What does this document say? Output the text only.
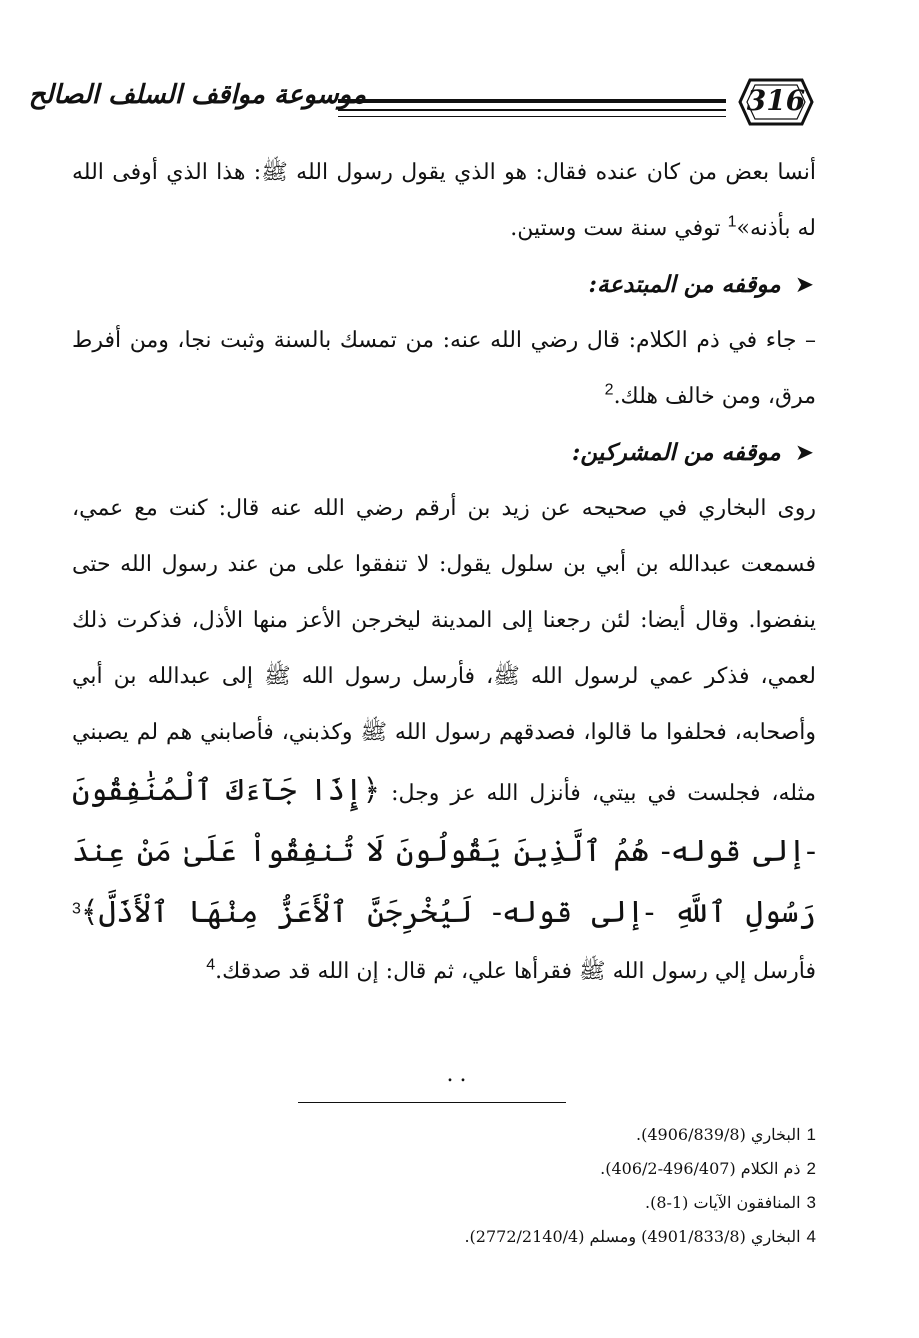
موسوعة مواقف السلف الصالح	316

أنسا بعض من كان عنده فقال: هو الذي يقول رسول الله ﷺ: هذا الذي أوفى الله له بأذنه»$^1$ توفي سنة ست وستين.

➤موقفه من المبتدعة:

– جاء في ذم الكلام: قال رضي الله عنه: من تمسك بالسنة وثبت نجا، ومن أفرط مرق، ومن خالف هلك.$^2$

➤موقفه من المشركين:

روى البخاري في صحيحه عن زيد بن أرقم رضي الله عنه قال: كنت مع عمي، فسمعت عبدالله بن أبي بن سلول يقول: لا تنفقوا على من عند رسول الله حتى ينفضوا. وقال أيضا: لئن رجعنا إلى المدينة ليخرجن الأعز منها الأذل، فذكرت ذلك لعمي، فذكر عمي لرسول الله ﷺ، فأرسل رسول الله ﷺ إلى عبدالله بن أبي وأصحابه، فحلفوا ما قالوا، فصدقهم رسول الله ﷺ وكذبني، فأصابني هم لم يصبني مثله، فجلست في بيتي، فأنزل الله عز وجل: ﴿إِذَا جَآءَكَ ٱلْمُنَٰفِقُونَ -إلى قوله- هُمُ ٱلَّذِينَ يَقُولُونَ لَا تُنفِقُواْ عَلَىٰ مَنْ عِندَ رَسُولِ ٱللَّهِ -إلى قوله- لَيُخْرِجَنَّ ٱلْأَعَزُّ مِنْهَا ٱلْأَذَلَّ﴾$^3$ فأرسل إلي رسول الله ﷺ فقرأها علي، ثم قال: إن الله قد صدقك.$^4$

..

1البخاري (4906/839/8).

2ذم الكلام (496/407-406/2).

3المنافقون الآيات (1-8).

4البخاري (4901/833/8) ومسلم (2772/2140/4).
